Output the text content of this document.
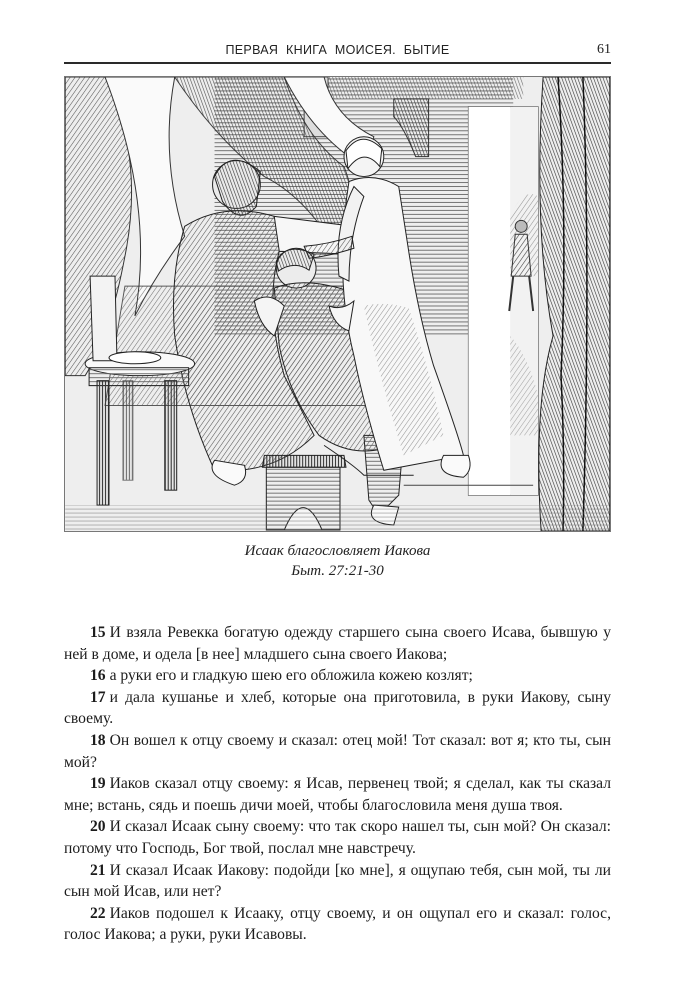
ПЕРВАЯ КНИГА МОИСЕЯ. БЫТИЕ	61
Исаак благословляет Иакова
Быт. 27:21-30

15 И взяла Ревекка богатую одежду старшего сына своего Исава, бывшую у ней в доме, и одела [в нее] младшего сына своего Иакова;

16 а руки его и гладкую шею его обложила кожею козлят;

17 и дала кушанье и хлеб, которые она приготовила, в руки Иакову, сыну своему.

18 Он вошел к отцу своему и сказал: отец мой! Тот сказал: вот я; кто ты, сын мой?

19 Иаков сказал отцу своему: я Исав, первенец твой; я сделал, как ты сказал мне; встань, сядь и поешь дичи моей, чтобы благословила меня душа твоя.

20 И сказал Исаак сыну своему: что так скоро нашел ты, сын мой? Он сказал: потому что Господь, Бог твой, послал мне навстречу.

21 И сказал Исаак Иакову: подойди [ко мне], я ощупаю тебя, сын мой, ты ли сын мой Исав, или нет?

22 Иаков подошел к Исааку, отцу своему, и он ощупал его и сказал: голос, голос Иакова; а руки, руки Исавовы.
